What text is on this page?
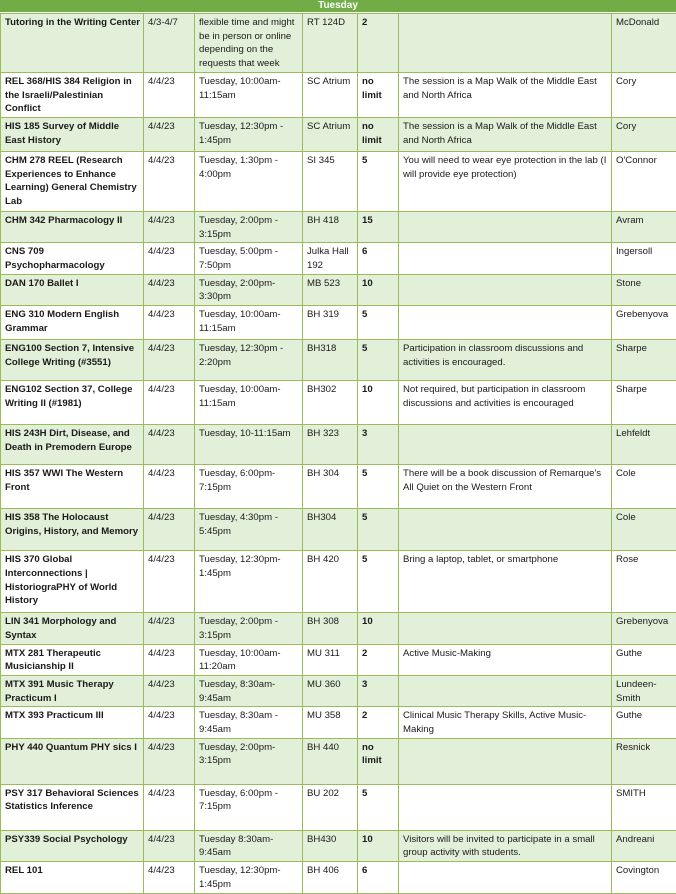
Tuesday
Tutoring in the Writing Center	4/3-4/7	flexible time and might be in person or online depending on the requests that week	RT 124D	2		McDonald
REL 368/HIS 384 Religion in the Israeli/Palestinian Conflict	4/4/23	Tuesday, 10:00am-11:15am	SC Atrium	no limit	The session is a Map Walk of the Middle East and North Africa	Cory
HIS 185 Survey of Middle East History	4/4/23	Tuesday, 12:30pm - 1:45pm	SC Atrium	no limit	The session is a Map Walk of the Middle East and North Africa	Cory
CHM 278 REEL (Research Experiences to Enhance Learning) General Chemistry Lab	4/4/23	Tuesday, 1:30pm - 4:00pm	SI 345	5	You will need to wear eye protection in the lab (I will provide eye protection)	O'Connor
CHM 342 Pharmacology II	4/4/23	Tuesday, 2:00pm - 3:15pm	BH 418	15		Avram
CNS 709 Psychopharmacology	4/4/23	Tuesday, 5:00pm - 7:50pm	Julka Hall 192	6		Ingersoll
DAN 170 Ballet I	4/4/23	Tuesday, 2:00pm-3:30pm	MB 523	10		Stone
ENG 310 Modern English Grammar	4/4/23	Tuesday, 10:00am-11:15am	BH 319	5		Grebenyova
ENG100 Section 7, Intensive College Writing (#3551)	4/4/23	Tuesday, 12:30pm - 2:20pm	BH318	5	Participation in classroom discussions and activities is encouraged.	Sharpe
ENG102 Section 37, College Writing II (#1981)	4/4/23	Tuesday, 10:00am-11:15am	BH302	10	Not required, but participation in classroom discussions and activities is encouraged	Sharpe
HIS 243H Dirt, Disease, and Death in Premodern Europe	4/4/23	Tuesday, 10-11:15am	BH 323	3		Lehfeldt
HIS 357 WWI The Western Front	4/4/23	Tuesday, 6:00pm-7:15pm	BH 304	5	There will be a book discussion of Remarque's All Quiet on the Western Front	Cole
HIS 358 The Holocaust Origins, History, and Memory	4/4/23	Tuesday, 4:30pm - 5:45pm	BH304	5		Cole
HIS 370 Global Interconnections | HistoriograPHY of World History	4/4/23	Tuesday, 12:30pm-1:45pm	BH 420	5	Bring a laptop, tablet, or smartphone	Rose
LIN 341 Morphology and Syntax	4/4/23	Tuesday, 2:00pm - 3:15pm	BH 308	10		Grebenyova
MTX 281 Therapeutic Musicianship II	4/4/23	Tuesday, 10:00am-11:20am	MU 311	2	Active Music-Making	Guthe
MTX 391 Music Therapy Practicum I	4/4/23	Tuesday, 8:30am-9:45am	MU 360	3		Lundeen-Smith
MTX 393 Practicum III	4/4/23	Tuesday, 8:30am - 9:45am	MU 358	2	Clinical Music Therapy Skills, Active Music-Making	Guthe
PHY 440 Quantum PHY sics I	4/4/23	Tuesday, 2:00pm-3:15pm	BH 440	no limit		Resnick
PSY 317 Behavioral Sciences Statistics Inference	4/4/23	Tuesday, 6:00pm - 7:15pm	BU 202	5		SMITH
PSY339 Social Psychology	4/4/23	Tuesday 8:30am-9:45am	BH430	10	Visitors will be invited to participate in a small group activity with students.	Andreani
REL 101	4/4/23	Tuesday, 12:30pm-1:45pm	BH 406	6		Covington
